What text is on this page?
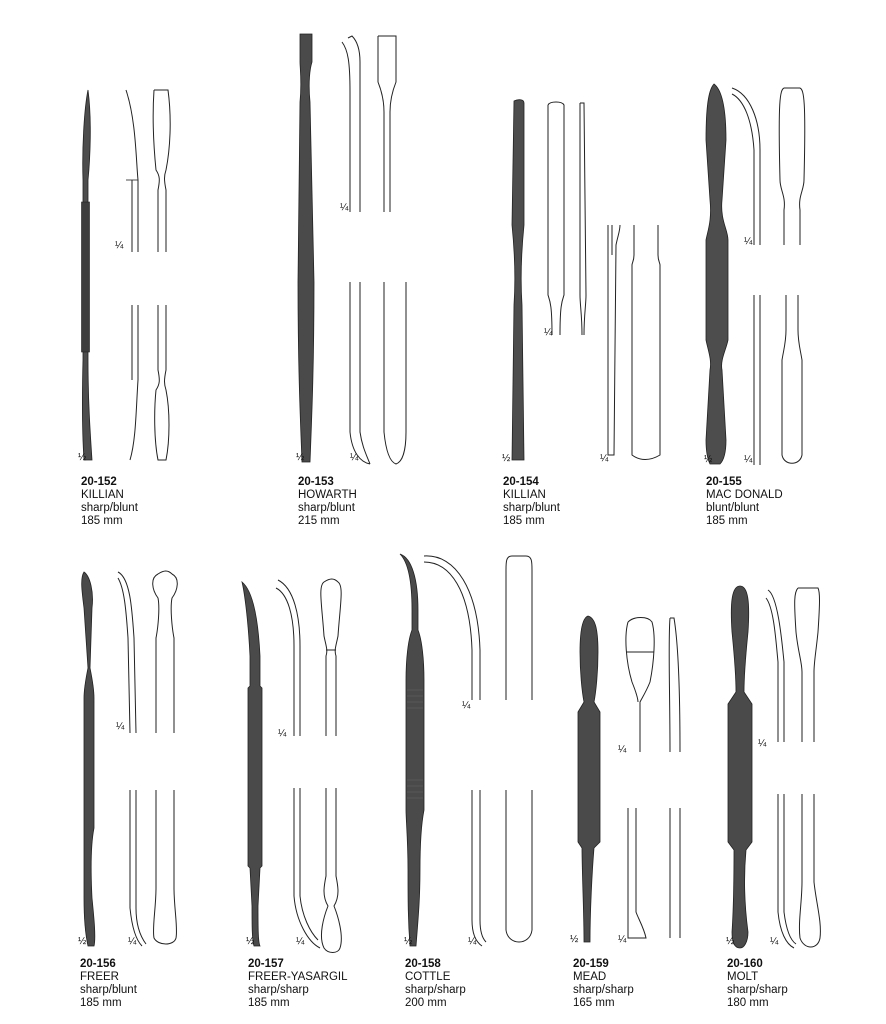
¼
½
20-152
KILLIAN
sharp/blunt
185 mm
¼
½	¼
20-153
HOWARTH
sharp/blunt
215 mm
¼
¼
½
20-154
KILLIAN
sharp/blunt
185 mm
¼
½	¼
20-155
MAC DONALD
blunt/blunt
185 mm
¼
½	¼
20-156
FREER
sharp/blunt
185 mm
¼
½	¼
20-157
FREER-YASARGIL
sharp/sharp
185 mm
¼
½	¼
20-158
COTTLE
sharp/sharp
200 mm
¼
½	¼
20-159
MEAD
sharp/sharp
165 mm
¼
½	¼
20-160
MOLT
sharp/sharp
180 mm
